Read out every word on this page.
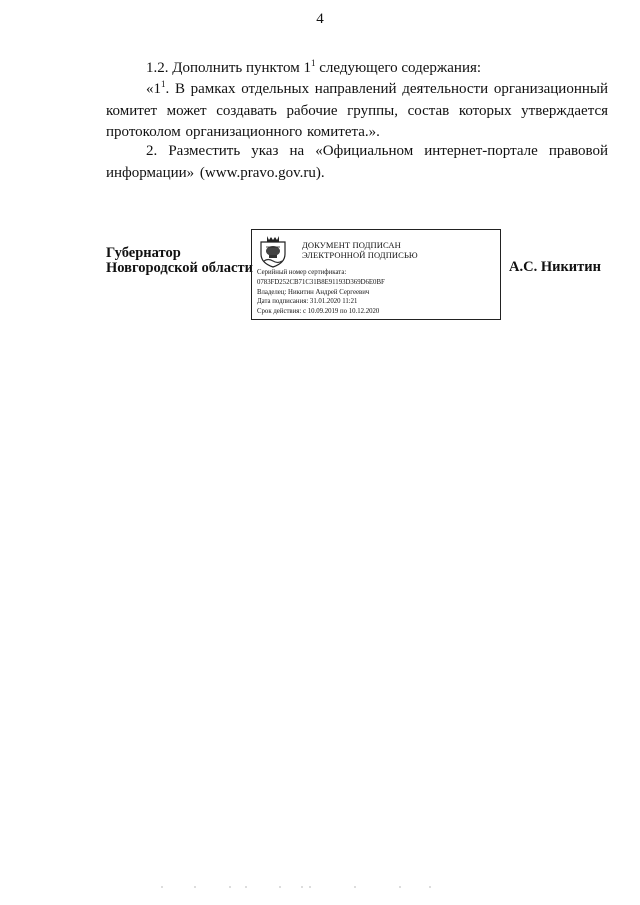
4
1.2. Дополнить пунктом $1^1$ следующего содержания:
«$1^1$. В рамках отдельных направлений деятельности организационный комитет может создавать рабочие группы, состав которых утверждается протоколом организационного комитета.».
2. Разместить указ на «Официальном интернет-портале правовой информации» (www.pravo.gov.ru).
Губернатор
Новгородской области
ДОКУМЕНТ ПОДПИСАН
ЭЛЕКТРОННОЙ ПОДПИСЬЮ
Серийный номер сертификата:
0783FD252CB71C31B8E91193D369D6E0BF
Владелец: Никитин Андрей Сергеевич
Дата подписания: 31.01.2020 11:21
Срок действия: с 10.09.2019 по 10.12.2020
А.С. Никитин
